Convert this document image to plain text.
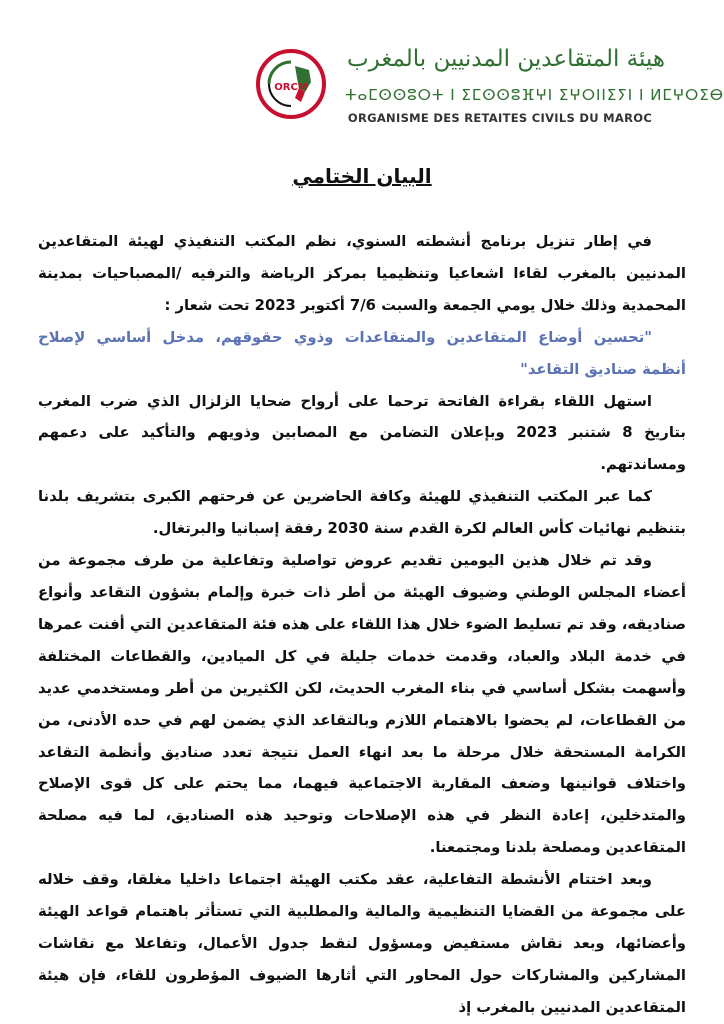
ORCM
هيئة المتقاعدين المدنيين بالمغرب
ⵜⴰⵎⵙⵙⵓⵔⵜ ⵏ ⵉⵎⵙⵙⵓⴼⵖⵏ ⵉⵖⵔⵏⵏⵉⵢⵏ ⵏ ⵍⵎⵖⵔⵉⴱ
ORGANISME DES RETAITES CIVILS DU MAROC
البيان الختامي

في إطار تنزيل برنامج أنشطته السنوي، نظم المكتب التنفيذي لهيئة المتقاعدين المدنيين بالمغرب لقاءا اشعاعيا وتنظيميا بمركز الرياضة والترفيه /المصباحيات بمدينة المحمدية وذلك خلال يومي الجمعة والسبت 7/6 أكتوبر 2023 تحت شعار :

"تحسين أوضاع المتقاعدين والمتقاعدات وذوي حقوقهم، مدخل أساسي لإصلاح أنظمة صناديق التقاعد"

استهل اللقاء بقراءة الفاتحة ترحما على أرواح ضحايا الزلزال الذي ضرب المغرب بتاريخ 8 شتنبر 2023 وبإعلان التضامن مع المصابين وذويهم والتأكيد على دعمهم ومساندتهم.

كما عبر المكتب التنفيذي للهيئة وكافة الحاضرين عن فرحتهم الكبرى بتشريف بلدنا بتنظيم نهائيات كأس العالم لكرة القدم سنة 2030 رفقة إسبانيا والبرتغال.

وقد تم خلال هذين اليومين تقديم عروض تواصلية وتفاعلية من طرف مجموعة من أعضاء المجلس الوطني وضيوف الهيئة من أطر ذات خبرة وإلمام بشؤون التقاعد وأنواع صناديقه، وقد تم تسليط الضوء خلال هذا اللقاء على هذه فئة المتقاعدين التي أفنت عمرها في خدمة البلاد والعباد، وقدمت خدمات جليلة في كل الميادين، والقطاعات المختلفة وأسهمت بشكل أساسي في بناء المغرب الحديث، لكن الكثيرين من أطر ومستخدمي عديد من القطاعات، لم يحضوا بالاهتمام اللازم وبالتقاعد الذي يضمن لهم في حده الأدنى، من الكرامة المستحقة خلال مرحلة ما بعد انهاء العمل نتيجة تعدد صناديق وأنظمة التقاعد واختلاف قوانينها وضعف المقاربة الاجتماعية فيهما، مما يحتم على كل قوى الإصلاح والمتدخلين، إعادة النظر في هذه الإصلاحات وتوحيد هذه الصناديق، لما فيه مصلحة المتقاعدين ومصلحة بلدنا ومجتمعنا.

وبعد اختتام الأنشطة التفاعلية، عقد مكتب الهيئة اجتماعا داخليا مغلقا، وقف خلاله على مجموعة من القضايا التنظيمية والمالية والمطلبية التي تستأثر باهتمام قواعد الهيئة وأعضائها، وبعد نقاش مستفيض ومسؤول لنقط جدول الأعمال، وتفاعلا مع نقاشات المشاركين والمشاركات حول المحاور التي أثارها الضيوف المؤطرون للقاء، فإن هيئة المتقاعدين المدنيين بالمغرب إذ
